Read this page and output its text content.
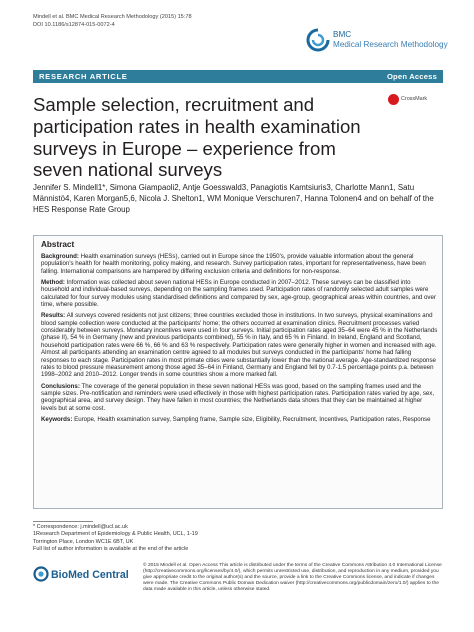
Mindell et al. BMC Medical Research Methodology (2015) 15:78
DOI 10.1186/s12874-015-0072-4
BMC
Medical Research Methodology
RESEARCH ARTICLE	Open Access
Sample selection, recruitment and participation rates in health examination surveys in Europe – experience from seven national surveys
CrossMark
Jennifer S. Mindell1*, Simona Giampaoli2, Antje Goesswald3, Panagiotis Kamtsiuris3, Charlotte Mann1, Satu Männistö4, Karen Morgan5,6, Nicola J. Shelton1, WM Monique Verschuren7, Hanna Tolonen4 and on behalf of the HES Response Rate Group
Abstract

Background: Health examination surveys (HESs), carried out in Europe since the 1950's, provide valuable information about the general population's health for health monitoring, policy making, and research. Survey participation rates, important for representativeness, have been falling. International comparisons are hampered by differing exclusion criteria and definitions for non-response.

Method: Information was collected about seven national HESs in Europe conducted in 2007–2012. These surveys can be classified into household and individual-based surveys, depending on the sampling frames used. Participation rates of randomly selected adult samples were calculated for four survey modules using standardised definitions and compared by sex, age-group, geographical areas within countries, and over time, where possible.

Results: All surveys covered residents not just citizens; three countries excluded those in institutions. In two surveys, physical examinations and blood sample collection were conducted at the participants' home; the others occurred at examination clinics. Recruitment processes varied considerably between surveys. Monetary incentives were used in four surveys. Initial participation rates aged 35–64 were 45 % in the Netherlands (phase II), 54 % in Germany (new and previous participants combined), 55 % in Italy, and 65 % in Finland. In Ireland, England and Scotland, household participation rates were 66 %, 66 % and 63 % respectively. Participation rates were generally higher in women and increased with age. Almost all participants attending an examination centre agreed to all modules but surveys conducted in the participants' home had falling responses to each stage. Participation rates in most primate cities were substantially lower than the national average. Age-standardized response rates to blood pressure measurement among those aged 35–64 in Finland, Germany and England fell by 0.7-1.5 percentage points p.a. between 1998–2002 and 2010–2012. Longer trends in some countries show a more marked fall.

Conclusions: The coverage of the general population in these seven national HESs was good, based on the sampling frames used and the sample sizes. Pre-notification and reminders were used effectively in those with highest participation rates. Participation rates varied by age, sex, geographical area, and survey design. They have fallen in most countries; the Netherlands data shows that they can be maintained at higher levels but at some cost.

Keywords: Europe, Health examination survey, Sampling frame, Sample size, Eligibility, Recruitment, Incentives, Participation rates, Response

* Correspondence: j.mindell@ucl.ac.uk
1Research Department of Epidemiology & Public Health, UCL, 1-19
Torrington Place, London WC1E 6BT, UK
Full list of author information is available at the end of the article
BioMed Central
© 2015 Mindell et al. Open Access This article is distributed under the terms of the Creative Commons Attribution 4.0 International License (http://creativecommons.org/licenses/by/4.0/), which permits unrestricted use, distribution, and reproduction in any medium, provided you give appropriate credit to the original author(s) and the source, provide a link to the Creative Commons license, and indicate if changes were made. The Creative Commons Public Domain Dedication waiver (http://creativecommons.org/publicdomain/zero/1.0/) applies to the data made available in this article, unless otherwise stated.
